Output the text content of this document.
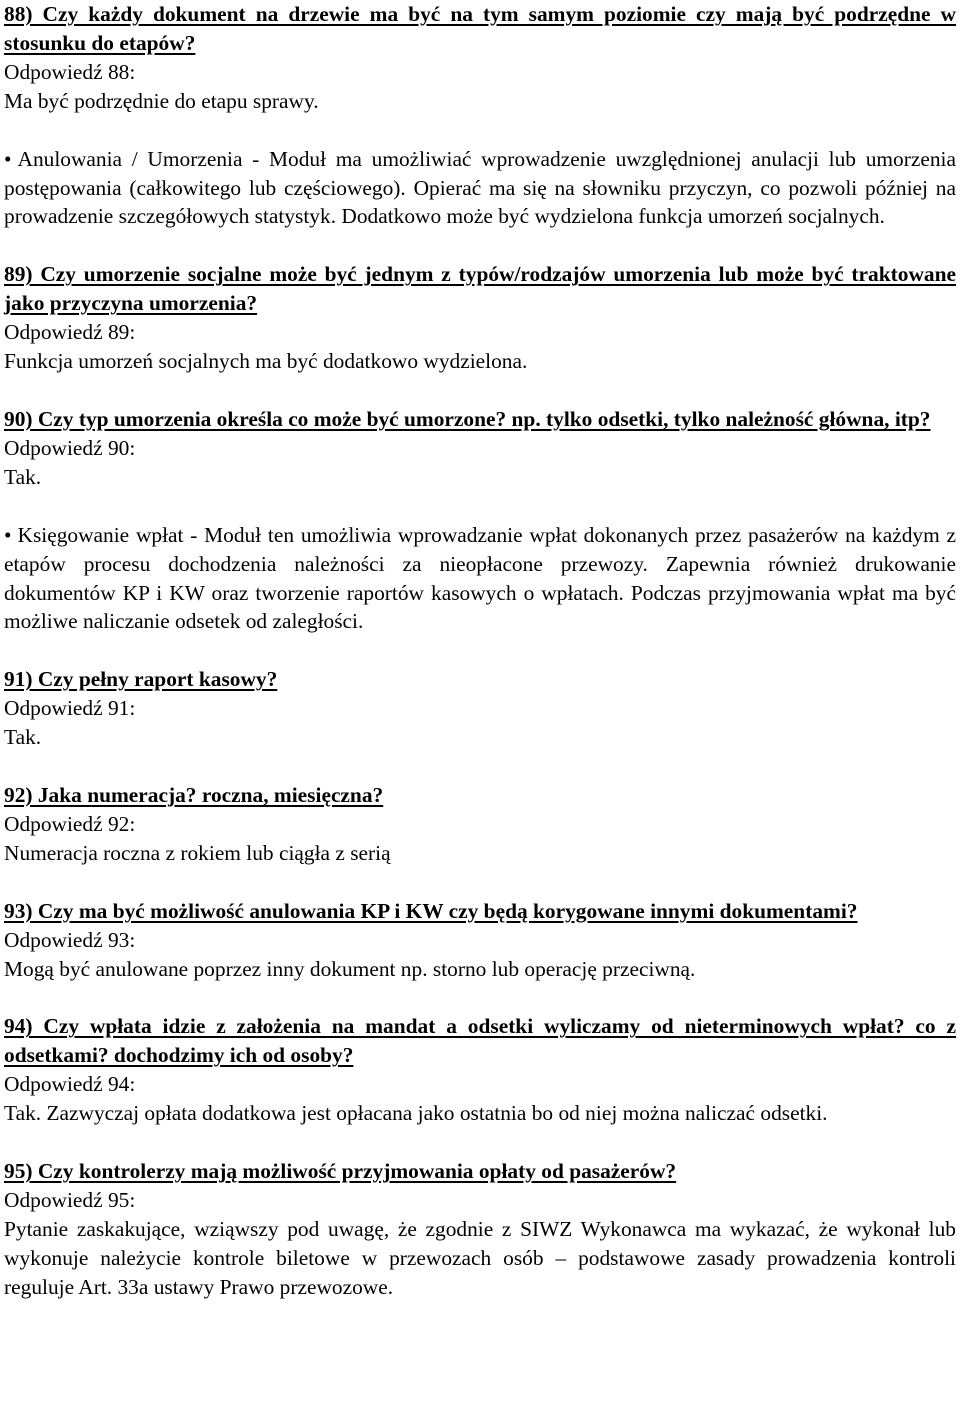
88) Czy każdy dokument na drzewie ma być na tym samym poziomie czy mają być podrzędne w stosunku do etapów?

Odpowiedź 88:

Ma być podrzędnie do etapu sprawy.

• Anulowania / Umorzenia - Moduł ma umożliwiać wprowadzenie uwzględnionej anulacji lub umorzenia postępowania (całkowitego lub częściowego). Opierać ma się na słowniku przyczyn, co pozwoli później na prowadzenie szczegółowych statystyk. Dodatkowo może być wydzielona funkcja umorzeń socjalnych.

89) Czy umorzenie socjalne może być jednym z typów/rodzajów umorzenia lub może być traktowane jako przyczyna umorzenia?

Odpowiedź 89:

Funkcja umorzeń socjalnych ma być dodatkowo wydzielona.

90) Czy typ umorzenia określa co może być umorzone? np. tylko odsetki, tylko należność główna, itp?

Odpowiedź 90:

Tak.

• Księgowanie wpłat - Moduł ten umożliwia wprowadzanie wpłat dokonanych przez pasażerów na każdym z etapów procesu dochodzenia należności za nieopłacone przewozy. Zapewnia również drukowanie dokumentów KP i KW oraz tworzenie raportów kasowych o wpłatach. Podczas przyjmowania wpłat ma być możliwe naliczanie odsetek od zaległości.

91) Czy pełny raport kasowy?

Odpowiedź 91:

Tak.

92) Jaka numeracja? roczna, miesięczna?

Odpowiedź 92:

Numeracja roczna z rokiem lub ciągła z serią

93) Czy ma być możliwość anulowania KP i KW czy będą korygowane innymi dokumentami?

Odpowiedź 93:

Mogą być anulowane poprzez inny dokument np. storno lub operację przeciwną.

94) Czy wpłata idzie z założenia na mandat a odsetki wyliczamy od nieterminowych wpłat? co z odsetkami? dochodzimy ich od osoby?

Odpowiedź 94:

Tak. Zazwyczaj opłata dodatkowa jest opłacana jako ostatnia bo od niej można naliczać odsetki.

95) Czy kontrolerzy mają możliwość przyjmowania opłaty od pasażerów?

Odpowiedź 95:

Pytanie zaskakujące, wziąwszy pod uwagę, że zgodnie z SIWZ Wykonawca ma wykazać, że wykonał lub wykonuje należycie kontrole biletowe w przewozach osób – podstawowe zasady prowadzenia kontroli reguluje Art. 33a ustawy Prawo przewozowe.
